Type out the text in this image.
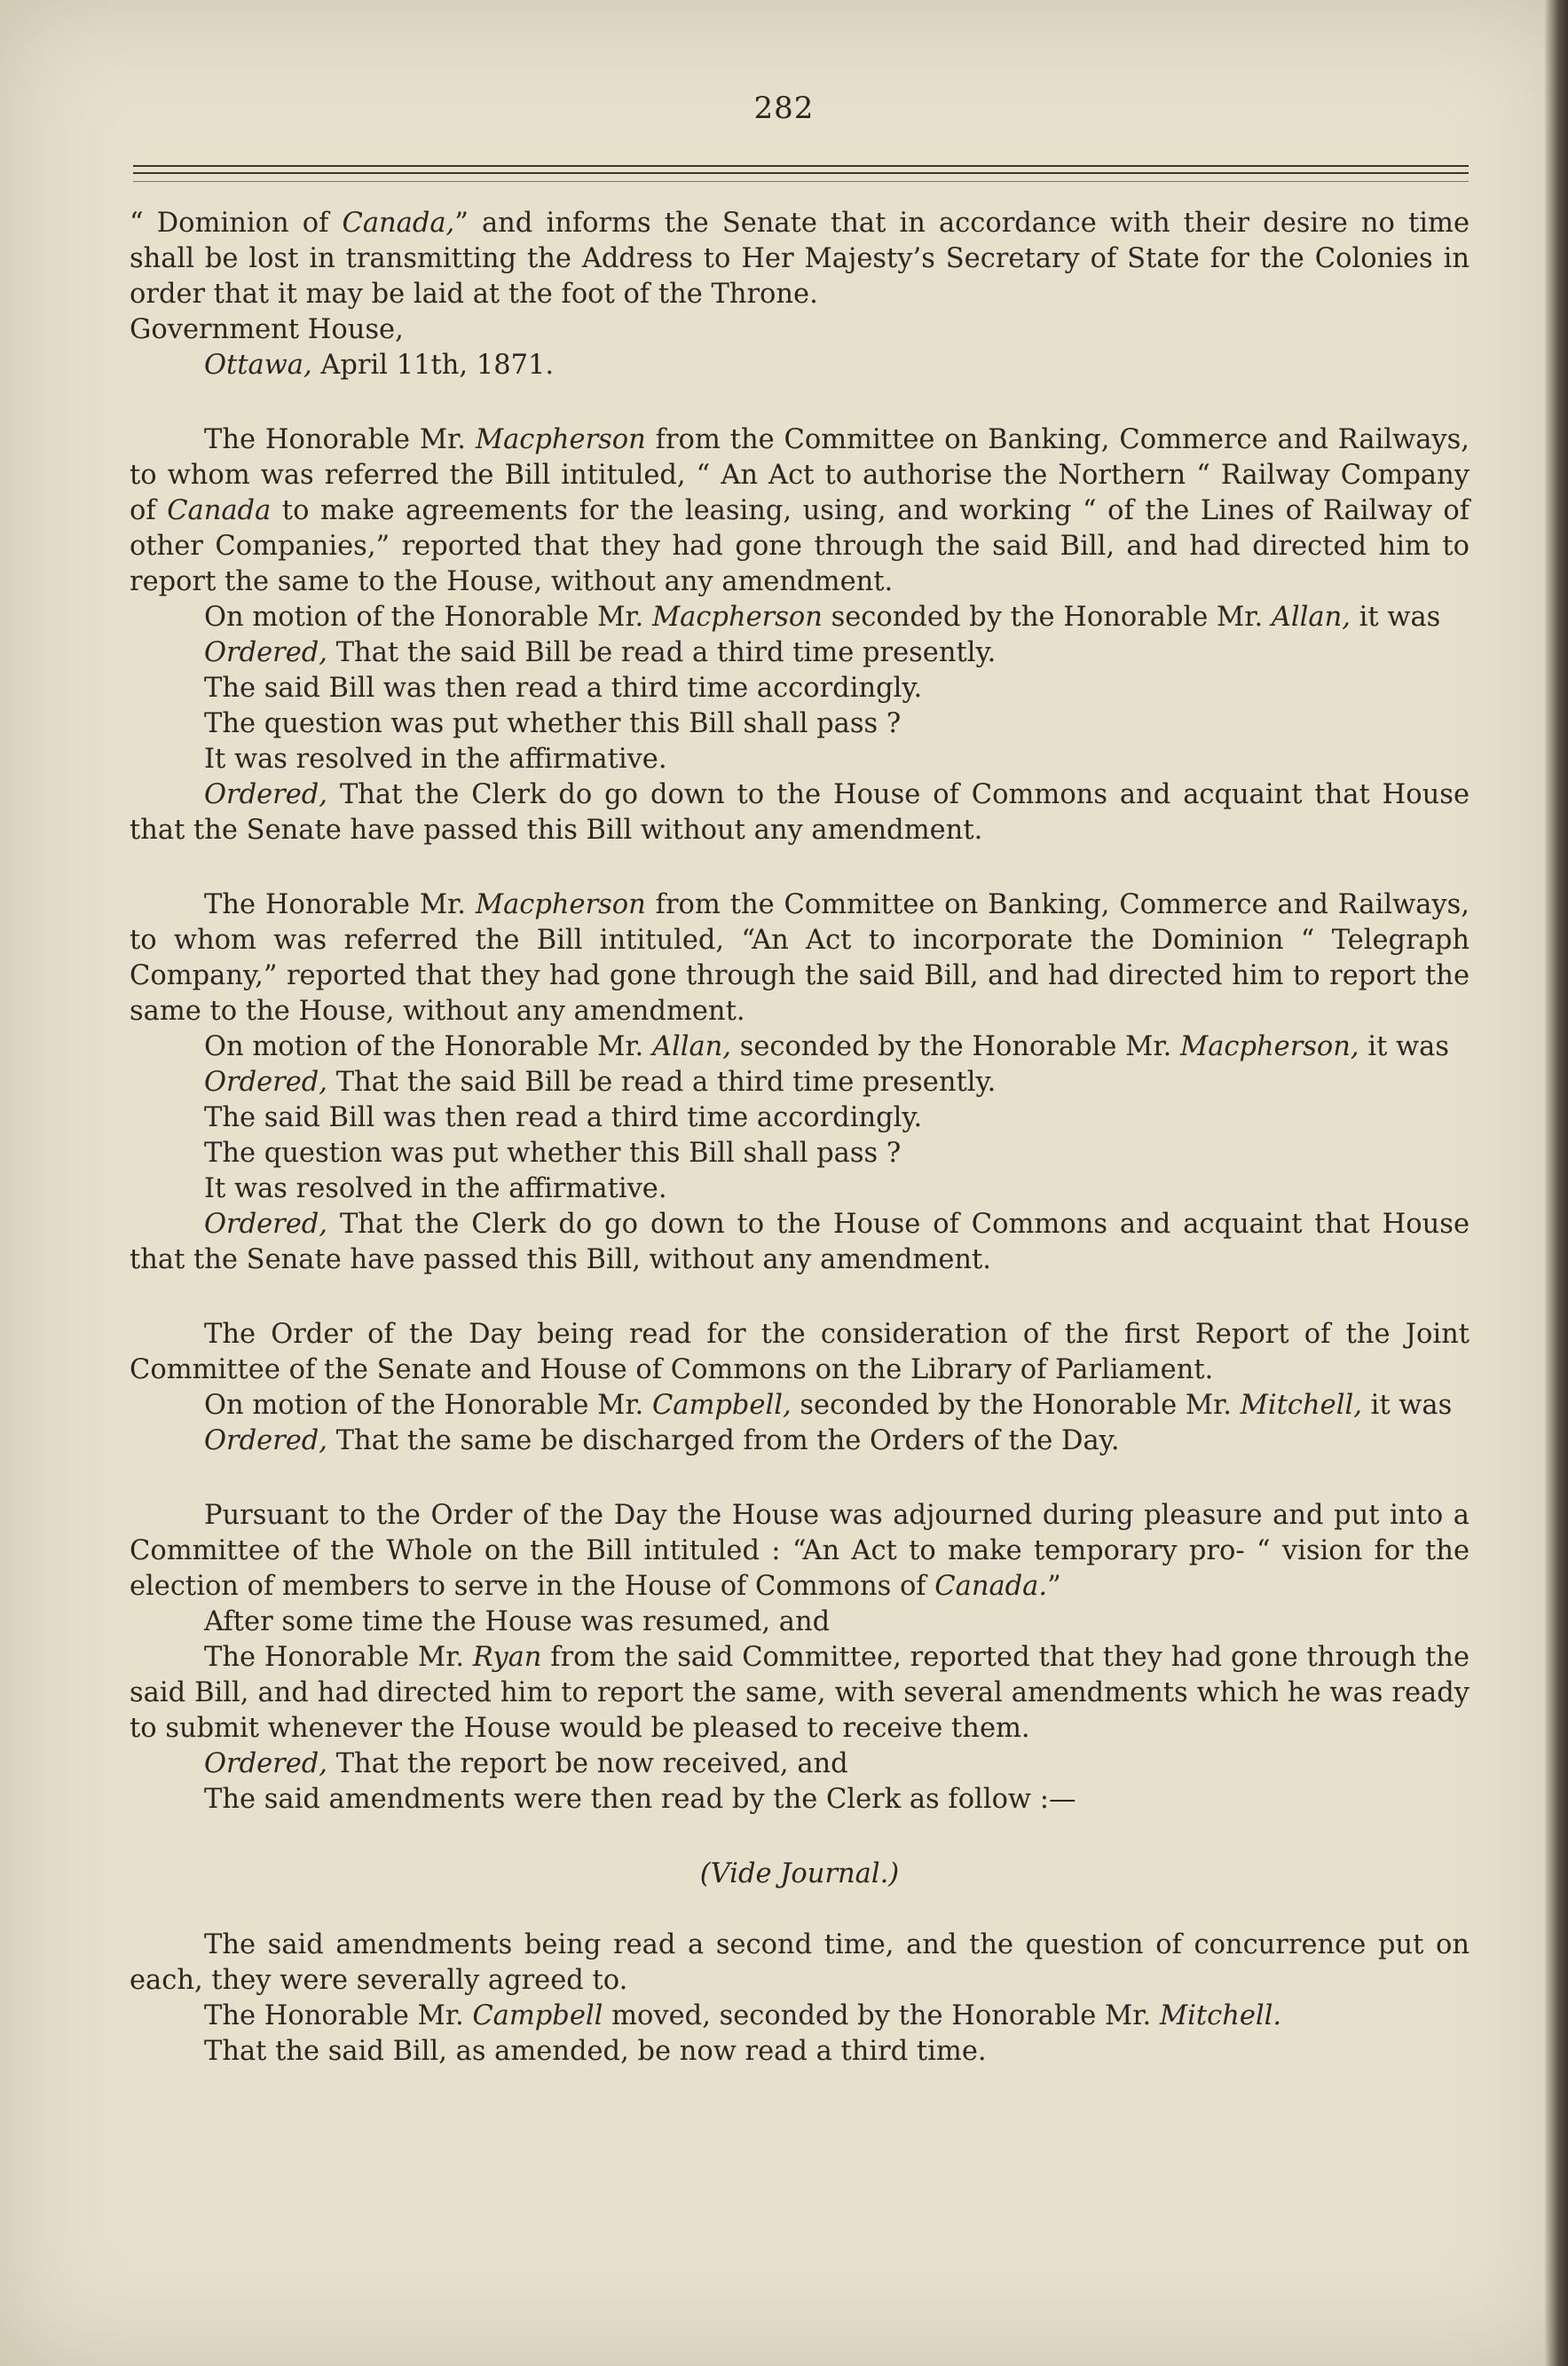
282

“ Dominion of Canada,” and informs the Senate that in accordance with their desire no time shall be lost in transmitting the Address to Her Majesty’s Secretary of State for the Colonies in order that it may be laid at the foot of the Throne.

Government House,

Ottawa, April 11th, 1871.

The Honorable Mr. Macpherson from the Committee on Banking, Commerce and Railways, to whom was referred the Bill intituled, “ An Act to authorise the Northern “ Railway Company of Canada to make agreements for the leasing, using, and working “ of the Lines of Railway of other Companies,” reported that they had gone through the said Bill, and had directed him to report the same to the House, without any amendment.

On motion of the Honorable Mr. Macpherson seconded by the Honorable Mr. Allan, it was

Ordered, That the said Bill be read a third time presently.

The said Bill was then read a third time accordingly.

The question was put whether this Bill shall pass ?

It was resolved in the affirmative.

Ordered, That the Clerk do go down to the House of Commons and acquaint that House that the Senate have passed this Bill without any amendment.

The Honorable Mr. Macpherson from the Committee on Banking, Commerce and Railways, to whom was referred the Bill intituled, “An Act to incorporate the Dominion “ Telegraph Company,” reported that they had gone through the said Bill, and had directed him to report the same to the House, without any amendment.

On motion of the Honorable Mr. Allan, seconded by the Honorable Mr. Macpherson, it was

Ordered, That the said Bill be read a third time presently.

The said Bill was then read a third time accordingly.

The question was put whether this Bill shall pass ?

It was resolved in the affirmative.

Ordered, That the Clerk do go down to the House of Commons and acquaint that House that the Senate have passed this Bill, without any amendment.

The Order of the Day being read for the consideration of the first Report of the Joint Committee of the Senate and House of Commons on the Library of Parliament.

On motion of the Honorable Mr. Campbell, seconded by the Honorable Mr. Mitchell, it was

Ordered, That the same be discharged from the Orders of the Day.

Pursuant to the Order of the Day the House was adjourned during pleasure and put into a Committee of the Whole on the Bill intituled : “An Act to make temporary pro- “ vision for the election of members to serve in the House of Commons of Canada.”

After some time the House was resumed, and

The Honorable Mr. Ryan from the said Committee, reported that they had gone through the said Bill, and had directed him to report the same, with several amendments which he was ready to submit whenever the House would be pleased to receive them.

Ordered, That the report be now received, and

The said amendments were then read by the Clerk as follow :—

(Vide Journal.)

The said amendments being read a second time, and the question of concurrence put on each, they were severally agreed to.

The Honorable Mr. Campbell moved, seconded by the Honorable Mr. Mitchell.

That the said Bill, as amended, be now read a third time.
